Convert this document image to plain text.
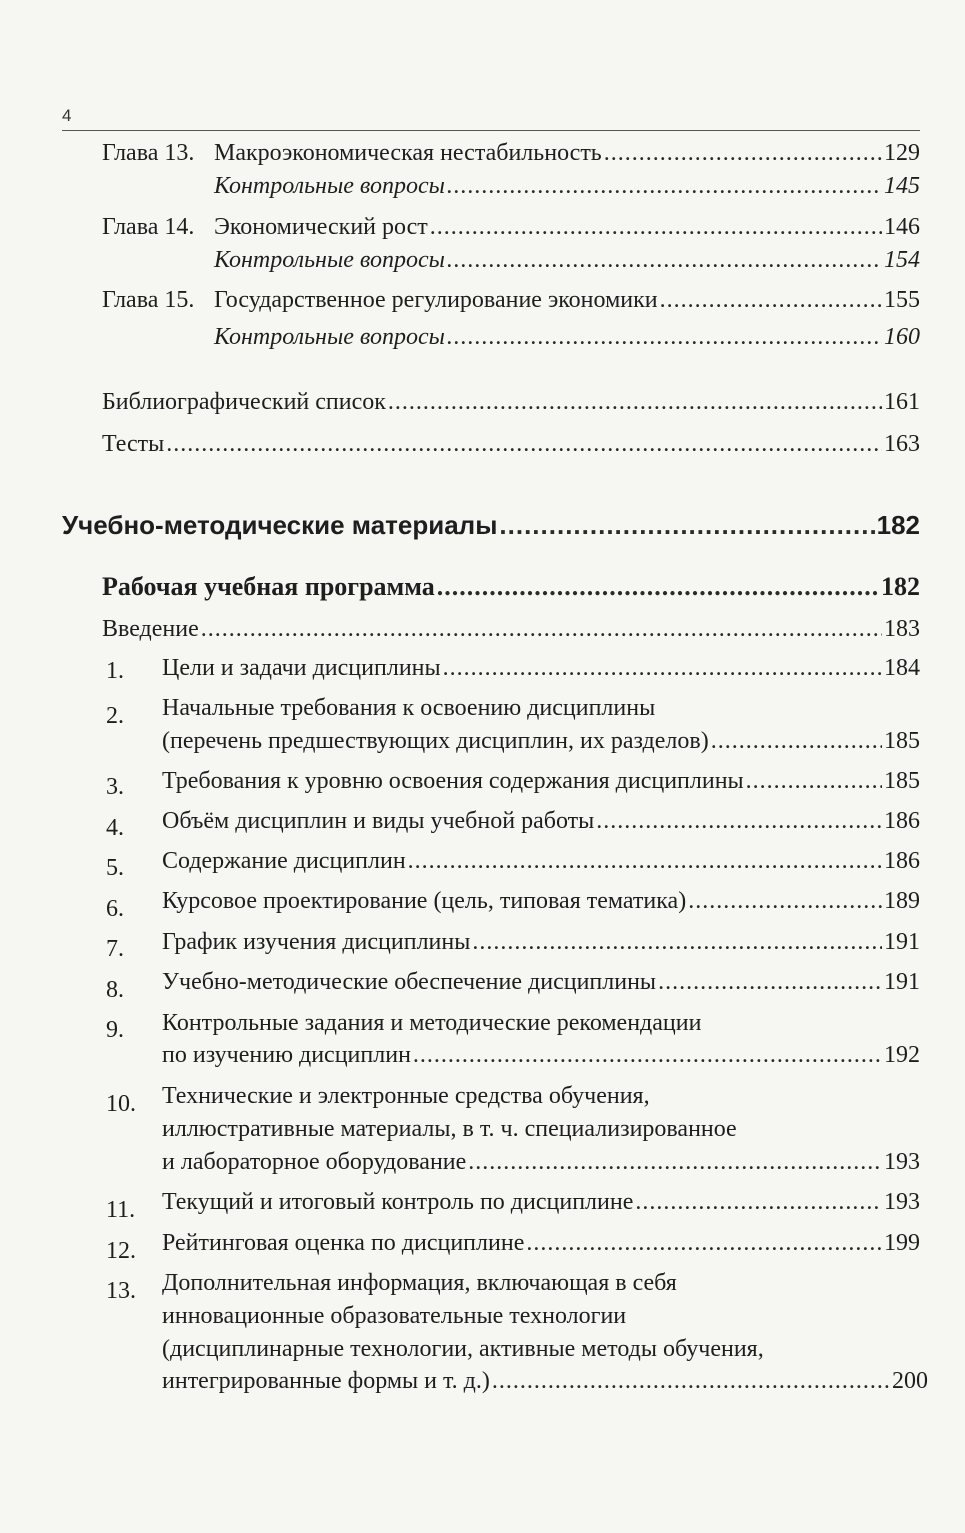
4
Глава 13. Макроэкономическая нестабильность .....	129
Контрольные вопросы .....	145
Глава 14. Экономический рост .....	146
Контрольные вопросы .....	154
Глава 15. Государственное регулирование экономики .....	155
Контрольные вопросы .....	160
Библиографический список .....	161
Тесты .....	163
Учебно-методические материалы .....	182
Рабочая учебная программа .....	182
Введение .....	183
1. Цели и задачи дисциплины .....	184
2. Начальные требования к освоению дисциплины
(перечень предшествующих дисциплин, их разделов) .....	185
3. Требования к уровню освоения содержания дисциплины .....	185
4. Объём дисциплин и виды учебной работы .....	186
5. Содержание дисциплин .....	186
6. Курсовое проектирование (цель, типовая тематика) .....	189
7. График изучения дисциплины .....	191
8. Учебно-методические обеспечение дисциплины .....	191
9. Контрольные задания и методические рекомендации
по изучению дисциплин .....	192
10. Технические и электронные средства обучения,
иллюстративные материалы, в т. ч. специализированное
и лабораторное оборудование .....	193
11. Текущий и итоговый контроль по дисциплине .....	193
12. Рейтинговая оценка по дисциплине .....	199
13. Дополнительная информация, включающая в себя
инновационные образовательные технологии
(дисциплинарные технологии, активные методы обучения,
интегрированные формы и т. д.) .....	200
